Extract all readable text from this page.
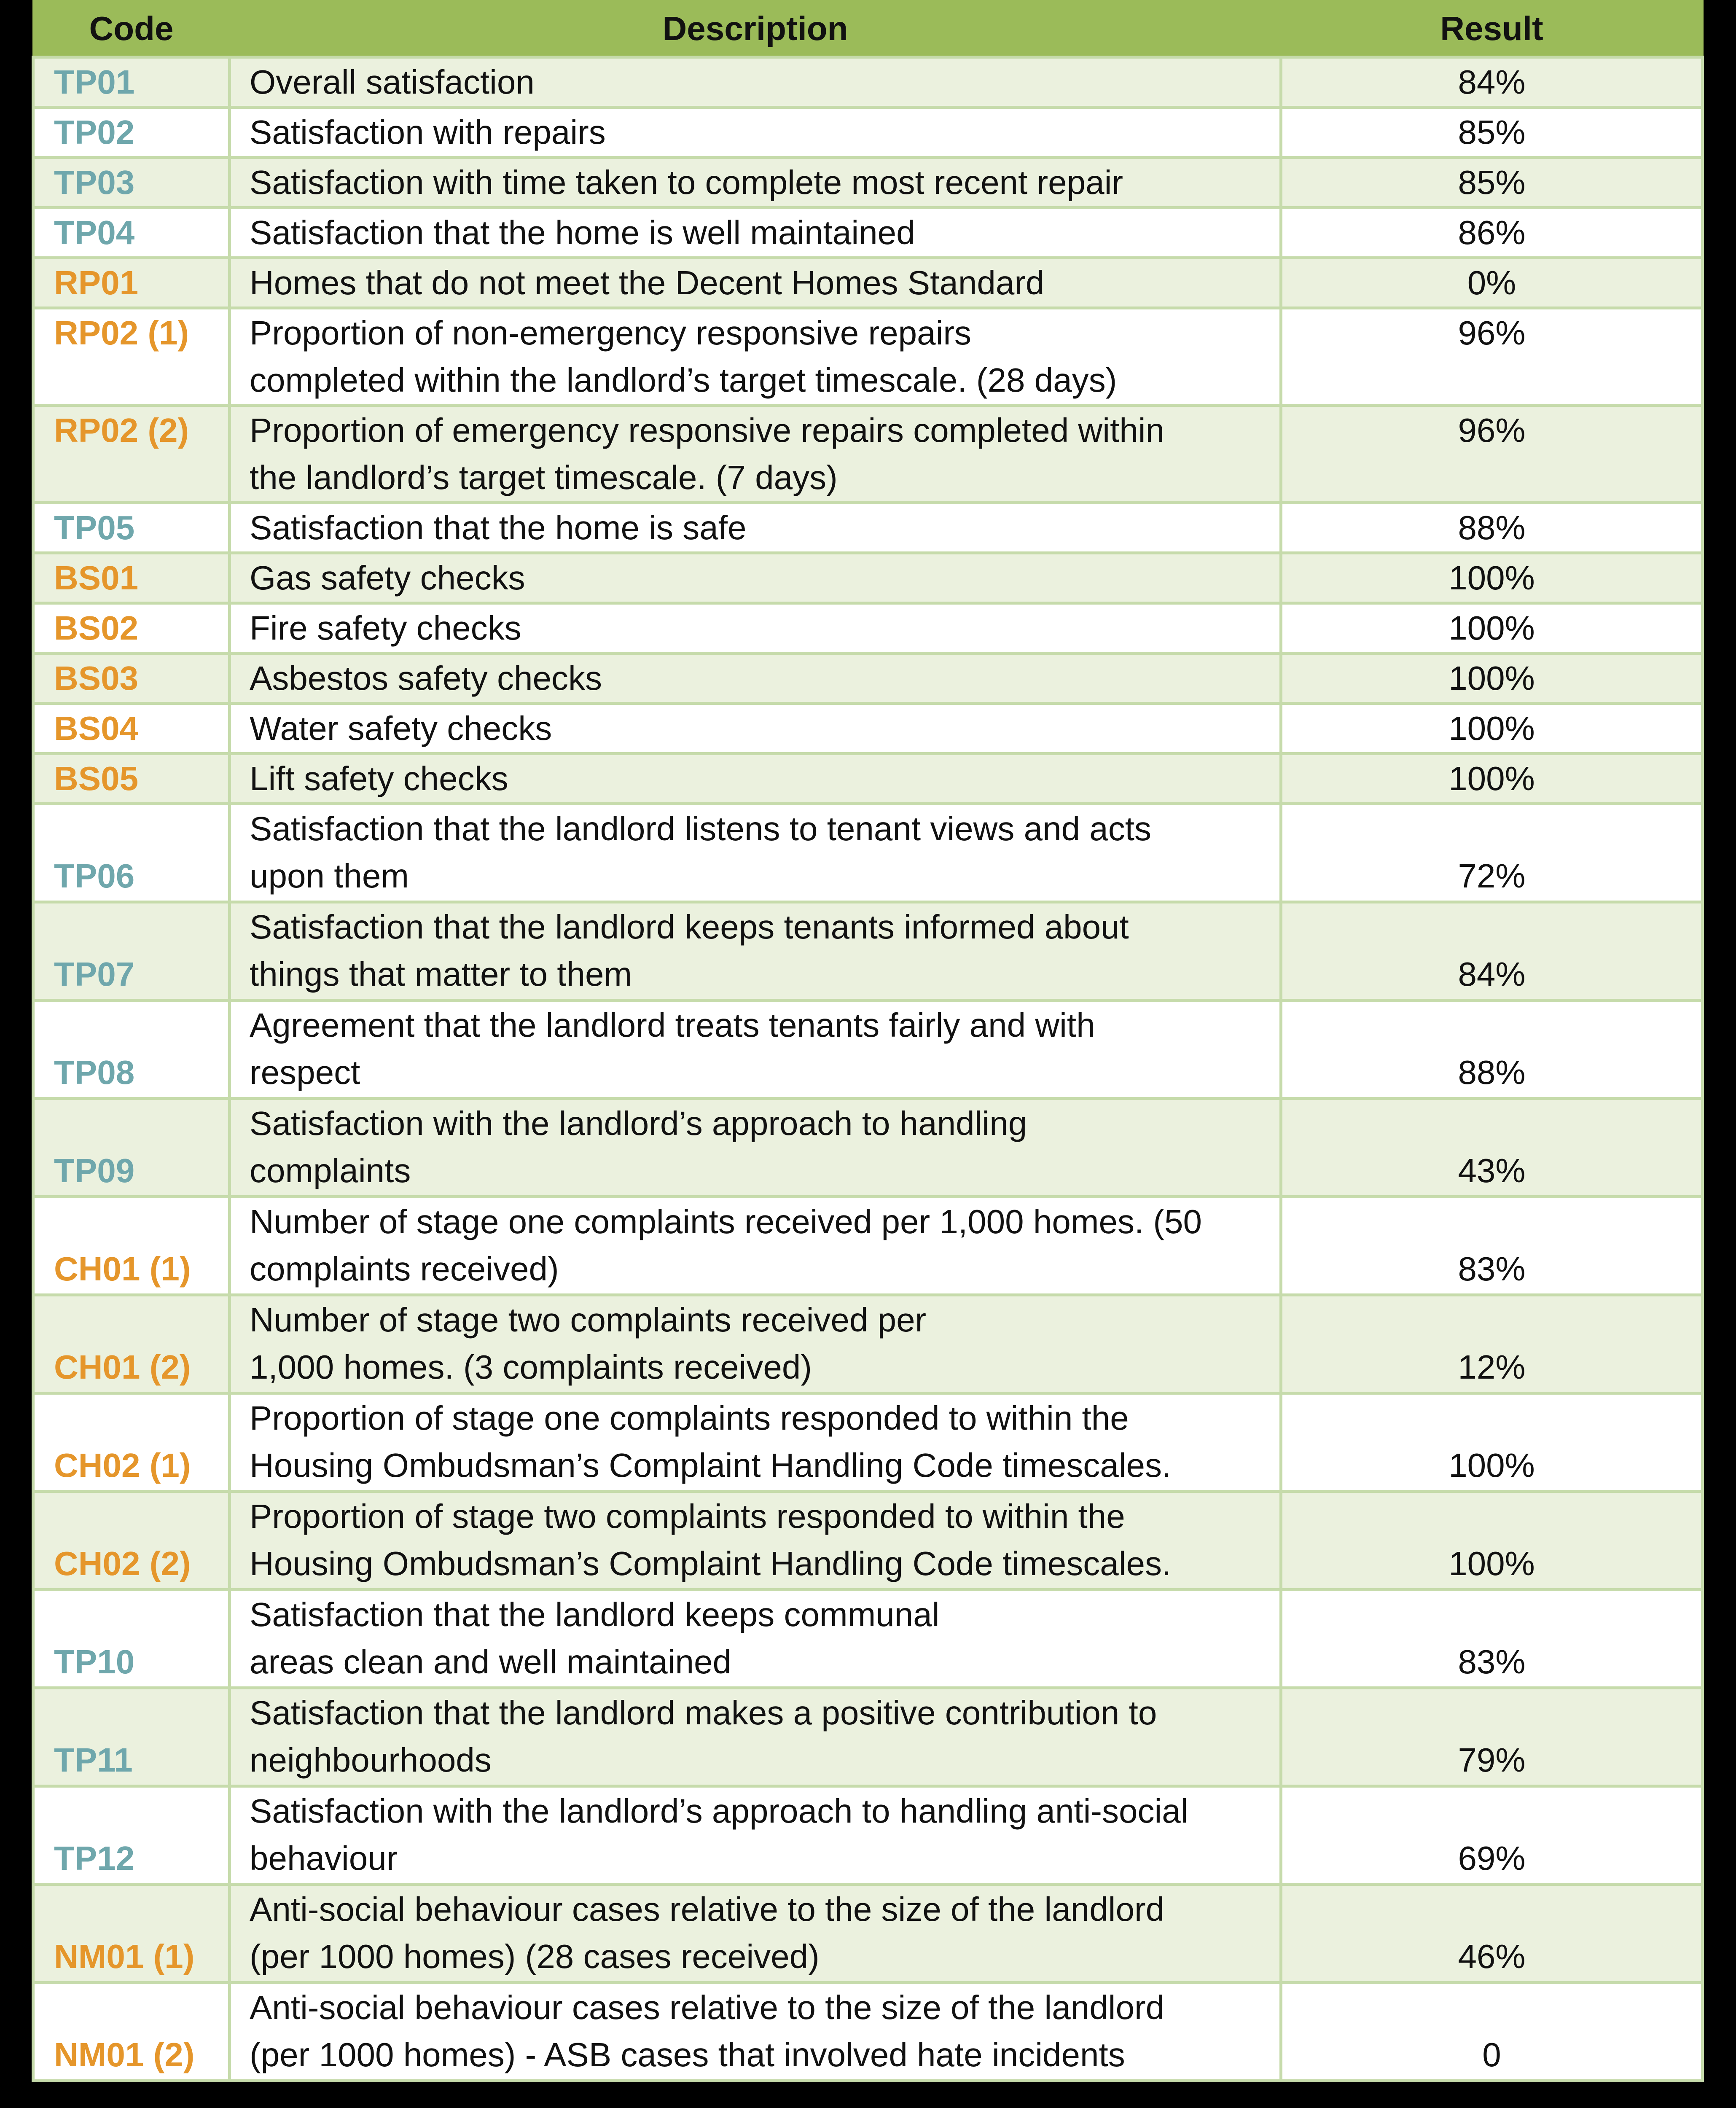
Code	Description	Result
TP01	Overall satisfaction	84%
TP02	Satisfaction with repairs	85%
TP03	Satisfaction with time taken to complete most recent repair	85%
TP04	Satisfaction that the home is well maintained	86%
RP01	Homes that do not meet the Decent Homes Standard	0%
RP02 (1)	Proportion of non-emergency responsive repairs
completed within the landlord’s target timescale. (28 days)	96%
RP02 (2)	Proportion of emergency responsive repairs completed within
the landlord’s target timescale. (7 days)	96%
TP05	Satisfaction that the home is safe	88%
BS01	Gas safety checks	100%
BS02	Fire safety checks	100%
BS03	Asbestos safety checks	100%
BS04	Water safety checks	100%
BS05	Lift safety checks	100%
TP06	Satisfaction that the landlord listens to tenant views and acts
upon them	72%
TP07	Satisfaction that the landlord keeps tenants informed about
things that matter to them	84%
TP08	Agreement that the landlord treats tenants fairly and with
respect	88%
TP09	Satisfaction with the landlord’s approach to handling
complaints	43%
CH01 (1)	Number of stage one complaints received per 1,000 homes. (50
complaints received)	83%
CH01 (2)	Number of stage two complaints received per
1,000 homes. (3 complaints received)	12%
CH02 (1)	Proportion of stage one complaints responded to within the
Housing Ombudsman’s Complaint Handling Code timescales.	100%
CH02 (2)	Proportion of stage two complaints responded to within the
Housing Ombudsman’s Complaint Handling Code timescales.	100%
TP10	Satisfaction that the landlord keeps communal
areas clean and well maintained	83%
TP11	Satisfaction that the landlord makes a positive contribution to
neighbourhoods	79%
TP12	Satisfaction with the landlord’s approach to handling anti-social
behaviour	69%
NM01 (1)	Anti-social behaviour cases relative to the size of the landlord
(per 1000 homes) (28 cases received)	46%
NM01 (2)	Anti-social behaviour cases relative to the size of the landlord
(per 1000 homes) - ASB cases that involved hate incidents	0
